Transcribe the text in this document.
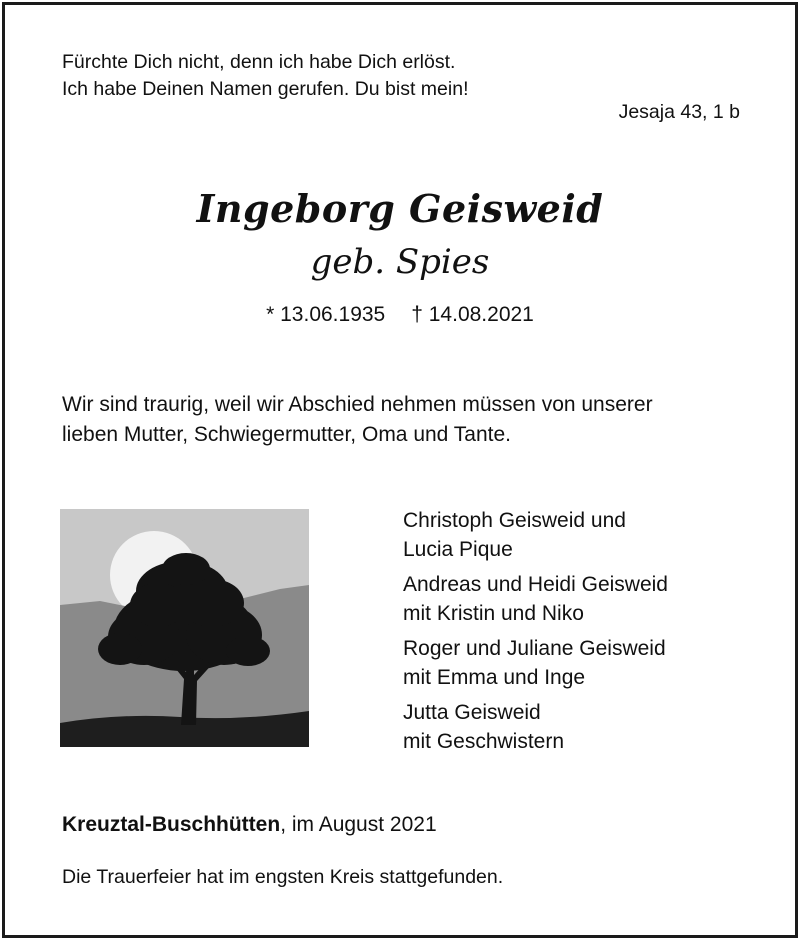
Fürchte Dich nicht, denn ich habe Dich erlöst.
Ich habe Deinen Namen gerufen. Du bist mein!
Jesaja 43, 1 b
Ingeborg Geisweid
geb. Spies
* 13.06.1935 † 14.08.2021
Wir sind traurig, weil wir Abschied nehmen müssen von unserer
lieben Mutter, Schwiegermutter, Oma und Tante.
Christoph Geisweid und
Lucia Pique
Andreas und Heidi Geisweid
mit Kristin und Niko
Roger und Juliane Geisweid
mit Emma und Inge
Jutta Geisweid
mit Geschwistern
Kreuztal-Buschhütten, im August 2021
Die Trauerfeier hat im engsten Kreis stattgefunden.
